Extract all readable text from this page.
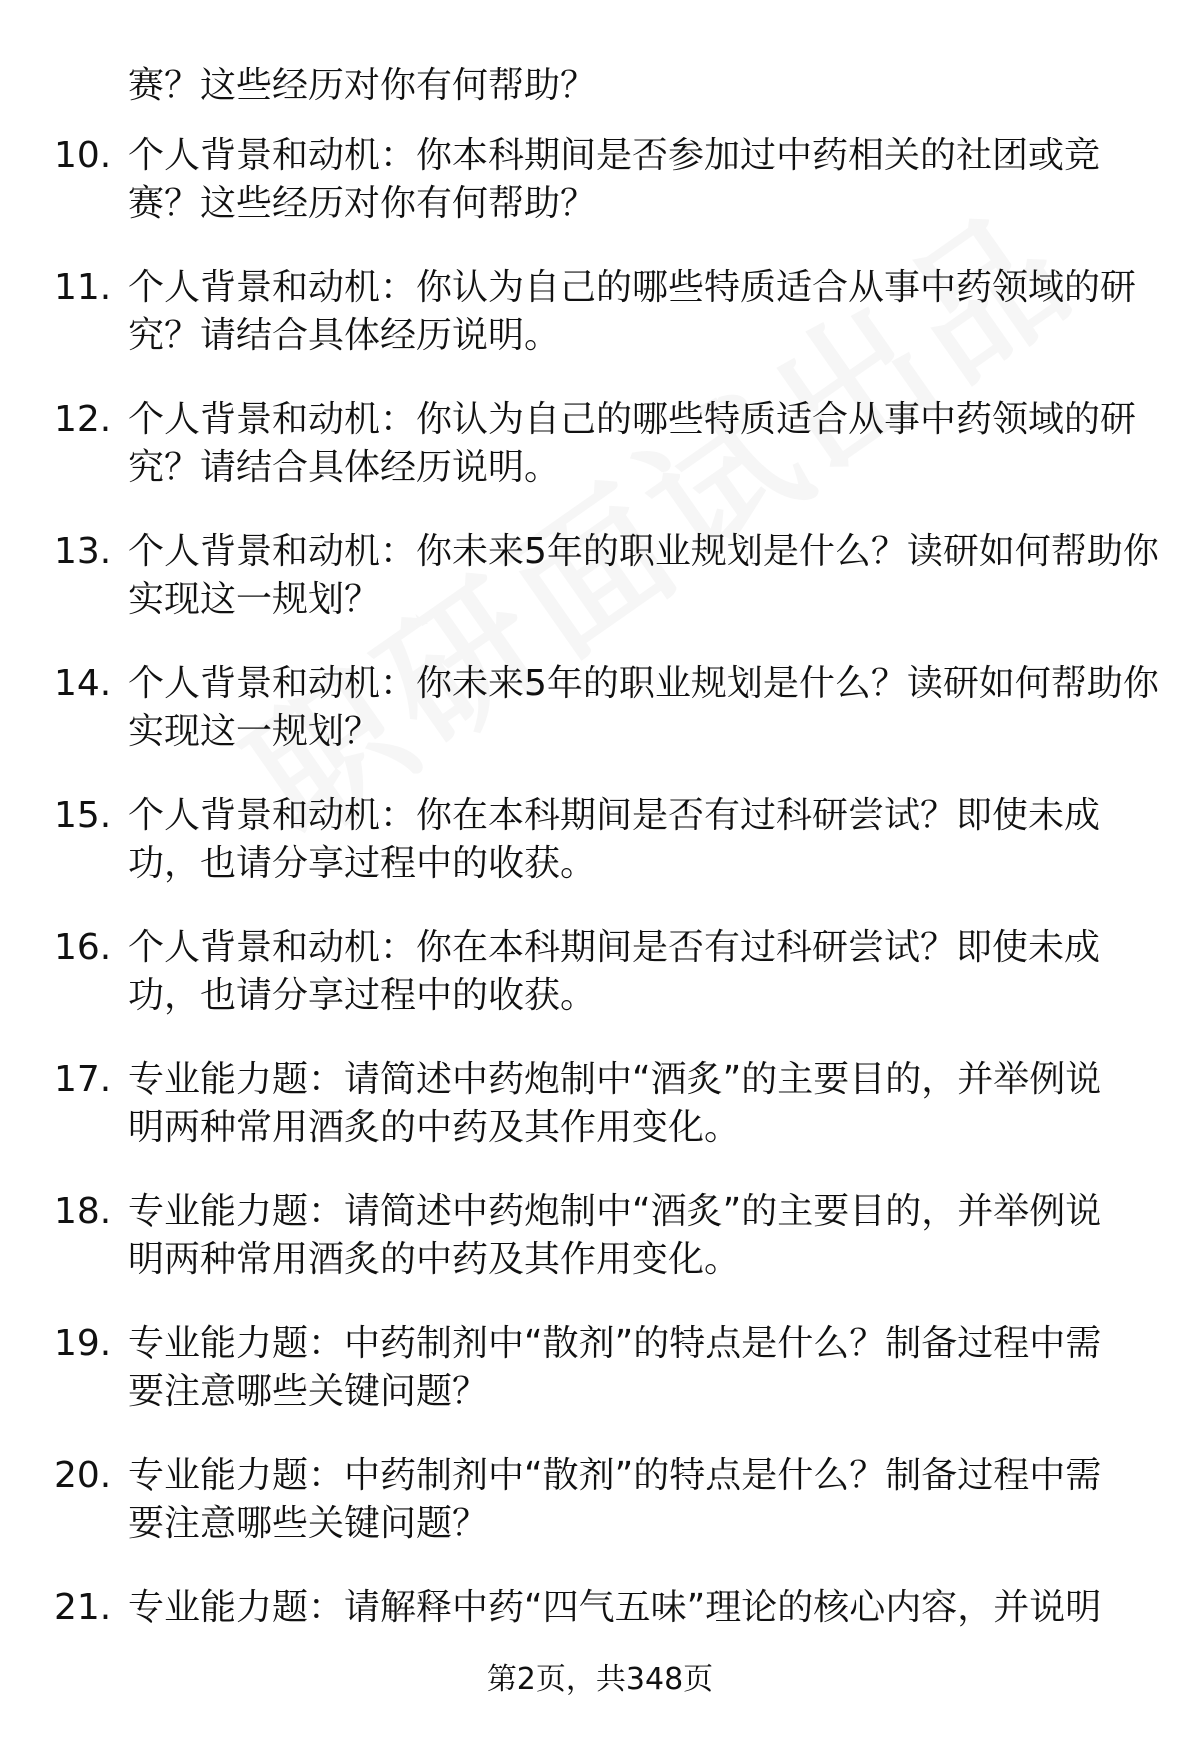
赛？这些经历对你有何帮助？
10. 个人背景和动机：你本科期间是否参加过中药相关的社团或竞
赛？这些经历对你有何帮助？
11. 个人背景和动机：你认为自己的哪些特质适合从事中药领域的研
究？请结合具体经历说明。
12. 个人背景和动机：你认为自己的哪些特质适合从事中药领域的研
究？请结合具体经历说明。
13. 个人背景和动机：你未来5年的职业规划是什么？读研如何帮助你
实现这一规划？
14. 个人背景和动机：你未来5年的职业规划是什么？读研如何帮助你
实现这一规划？
15. 个人背景和动机：你在本科期间是否有过科研尝试？即使未成
功，也请分享过程中的收获。
16. 个人背景和动机：你在本科期间是否有过科研尝试？即使未成
功，也请分享过程中的收获。
17. 专业能力题：请简述中药炮制中“酒炙”的主要目的，并举例说
明两种常用酒炙的中药及其作用变化。
18. 专业能力题：请简述中药炮制中“酒炙”的主要目的，并举例说
明两种常用酒炙的中药及其作用变化。
19. 专业能力题：中药制剂中“散剂”的特点是什么？制备过程中需
要注意哪些关键问题？
20. 专业能力题：中药制剂中“散剂”的特点是什么？制备过程中需
要注意哪些关键问题？
21. 专业能力题：请解释中药“四气五味”理论的核心内容，并说明
第2页，共348页
